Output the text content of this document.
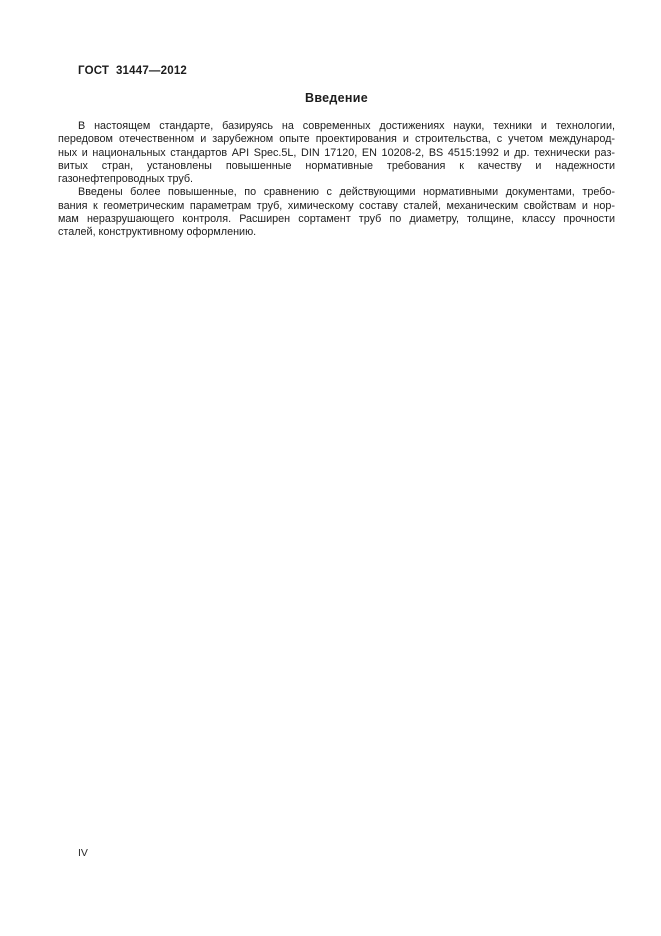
ГОСТ  31447—2012
Введение
В настоящем стандарте, базируясь на современных достижениях науки, техники и технологии,
передовом отечественном и зарубежном опыте проектирования и строительства, с учетом международ-
ных и национальных стандартов API Spec.5L, DIN 17120, EN 10208-2, BS 4515:1992 и др. технически раз-
витых стран, установлены повышенные нормативные требования к качеству и надежности
газонефтепроводных труб.
Введены более повышенные, по сравнению с действующими нормативными документами, требо-
вания к геометрическим параметрам труб, химическому составу сталей, механическим свойствам и нор-
мам неразрушающего контроля. Расширен сортамент труб по диаметру, толщине, классу прочности
сталей, конструктивному оформлению.
IV
